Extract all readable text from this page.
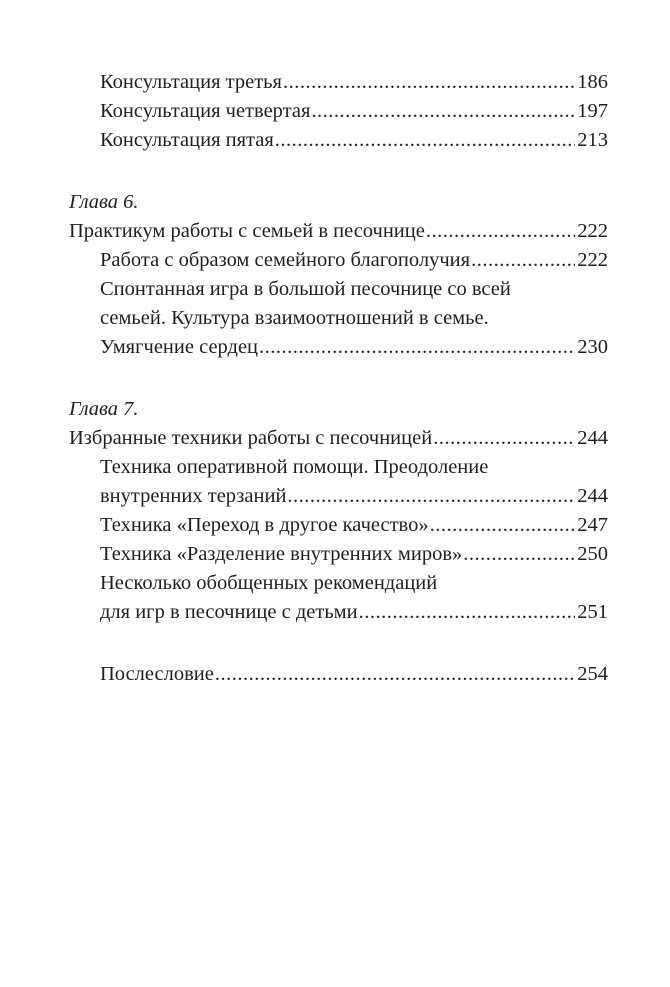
Консультация третья .....	186
Консультация четвертая .....	197
Консультация пятая .....	213
Глава 6.
Практикум работы с семьей в песочнице .....	222
Работа с образом семейного благополучия .....	222
Спонтанная игра в большой песочнице со всей
семьей. Культура взаимоотношений в семье.
Умягчение сердец .....	230
Глава 7.
Избранные техники работы с песочницей .....	244
Техника оперативной помощи. Преодоление
внутренних терзаний .....	244
Техника «Переход в другое качество» .....	247
Техника «Разделение внутренних миров» .....	250
Несколько обобщенных рекомендаций
для игр в песочнице с детьми .....	251
Послесловие .....	254
